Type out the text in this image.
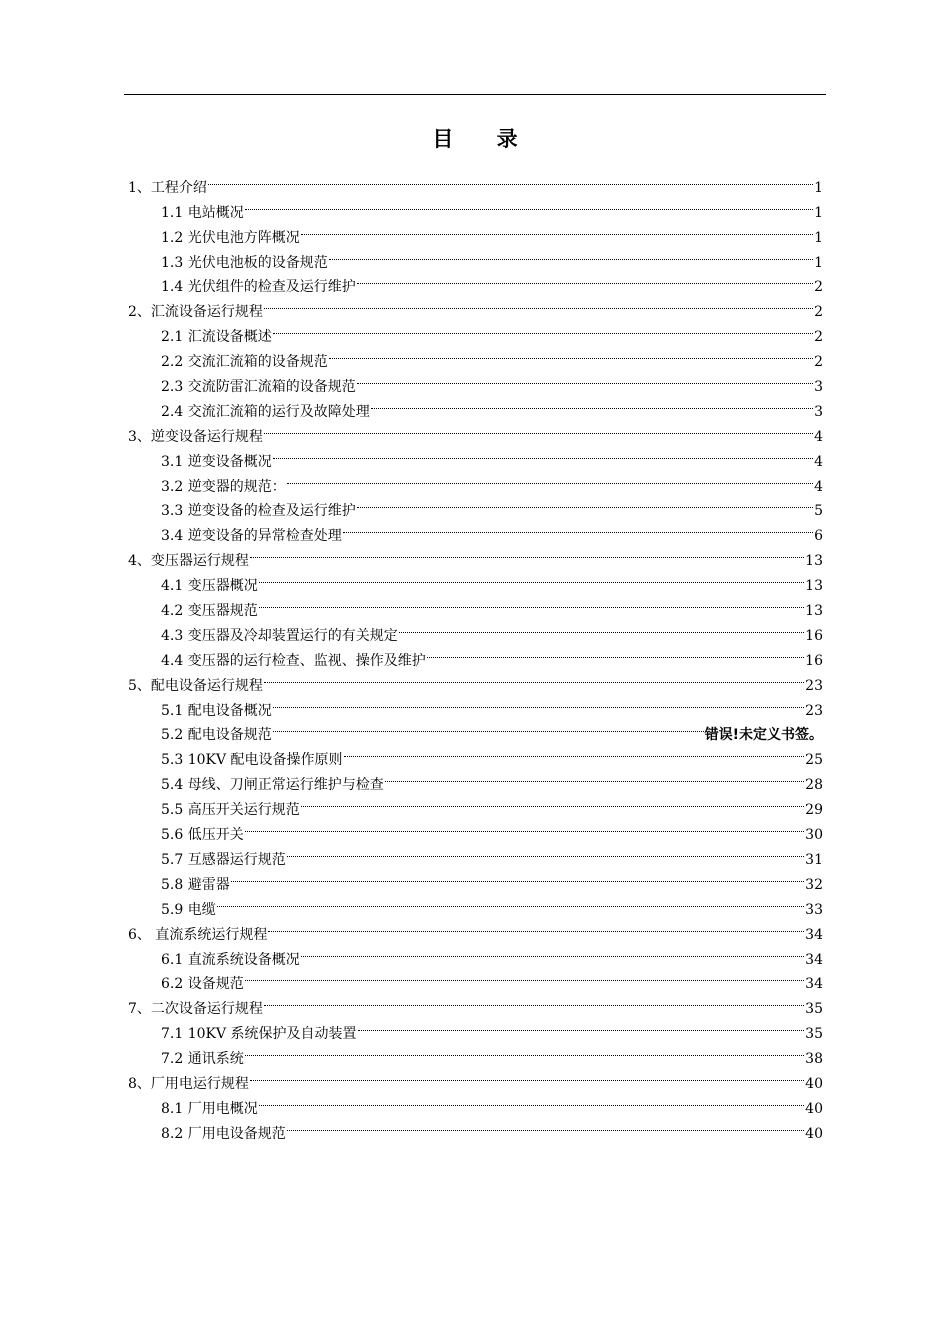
目 录
1、工程介绍	1
1.1 电站概况	1
1.2 光伏电池方阵概况	1
1.3 光伏电池板的设备规范	1
1.4 光伏组件的检查及运行维护	2
2、汇流设备运行规程	2
2.1 汇流设备概述	2
2.2 交流汇流箱的设备规范	2
2.3 交流防雷汇流箱的设备规范	3
2.4 交流汇流箱的运行及故障处理	3
3、逆变设备运行规程	4
3.1 逆变设备概况	4
3.2 逆变器的规范：	4
3.3 逆变设备的检查及运行维护	5
3.4 逆变设备的异常检查处理	6
4、变压器运行规程	13
4.1 变压器概况	13
4.2 变压器规范	13
4.3 变压器及冷却装置运行的有关规定	16
4.4 变压器的运行检查、监视、操作及维护	16
5、配电设备运行规程	23
5.1 配电设备概况	23
5.2 配电设备规范	错误!未定义书签。
5.3 10KV 配电设备操作原则	25
5.4 母线、刀闸正常运行维护与检查	28
5.5 高压开关运行规范	29
5.6 低压开关	30
5.7 互感器运行规范	31
5.8 避雷器	32
5.9 电缆	33
6、 直流系统运行规程	34
6.1 直流系统设备概况	34
6.2 设备规范	34
7、二次设备运行规程	35
7.1 10KV 系统保护及自动装置	35
7.2 通讯系统	38
8、厂用电运行规程	40
8.1 厂用电概况	40
8.2 厂用电设备规范	40
